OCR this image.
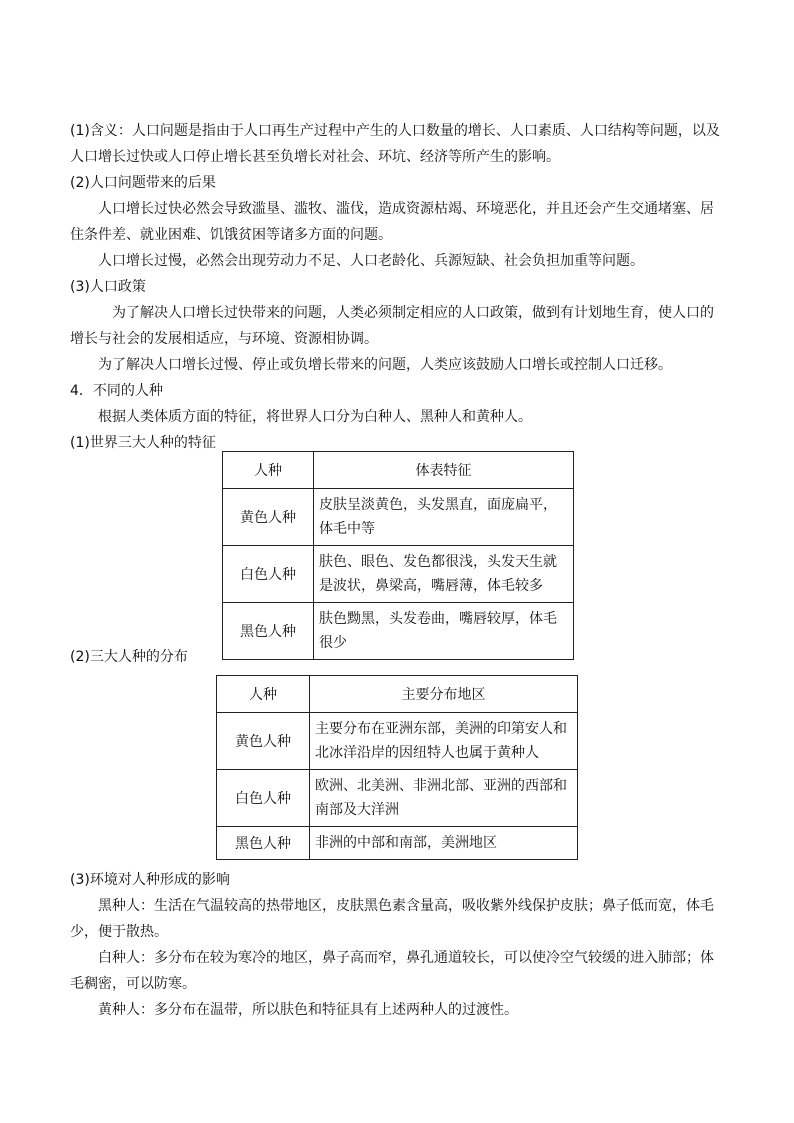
(1)含义：人口问题是指由于人口再生产过程中产生的人口数量的增长、人口素质、人口结构等问题，以及人口增长过快或人口停止增长甚至负增长对社会、环坑、经济等所产生的影响。

(2)人口问题带来的后果

人口增长过快必然会导致滥垦、滥牧、滥伐，造成资源枯竭、环境恶化，并且还会产生交通堵塞、居住条件差、就业困难、饥饿贫困等诸多方面的问题。

人口增长过慢，必然会出现劳动力不足、人口老龄化、兵源短缺、社会负担加重等问题。

(3)人口政策

为了解决人口增长过快带来的问题，人类必须制定相应的人口政策，做到有计划地生育，使人口的增长与社会的发展相适应，与环境、资源相协调。

为了解决人口增长过慢、停止或负增长带来的问题，人类应该鼓励人口增长或控制人口迁移。

4．不同的人种

根据人类体质方面的特征，将世界人口分为白种人、黑种人和黄种人。

(1)世界三大人种的特征

人种	体表特征
黄色人种	皮肤呈淡黄色，头发黑直，面庞扁平，体毛中等
白色人种	肤色、眼色、发色都很浅，头发天生就是波状，鼻梁高，嘴唇薄，体毛较多
黑色人种	肤色黝黑，头发卷曲，嘴唇较厚，体毛很少

(2)三大人种的分布

人种	主要分布地区
黄色人种	主要分布在亚洲东部，美洲的印第安人和北冰洋沿岸的因纽特人也属于黄种人
白色人种	欧洲、北美洲、非洲北部、亚洲的西部和南部及大洋洲
黑色人种	非洲的中部和南部，美洲地区

(3)环境对人种形成的影响

黑种人：生活在气温较高的热带地区，皮肤黑色素含量高，吸收紫外线保护皮肤；鼻子低而宽，体毛少，便于散热。

白种人：多分布在较为寒冷的地区，鼻子高而窄，鼻孔通道较长，可以使冷空气较缓的进入肺部；体毛稠密，可以防寒。

黄种人：多分布在温带，所以肤色和特征具有上述两种人的过渡性。
